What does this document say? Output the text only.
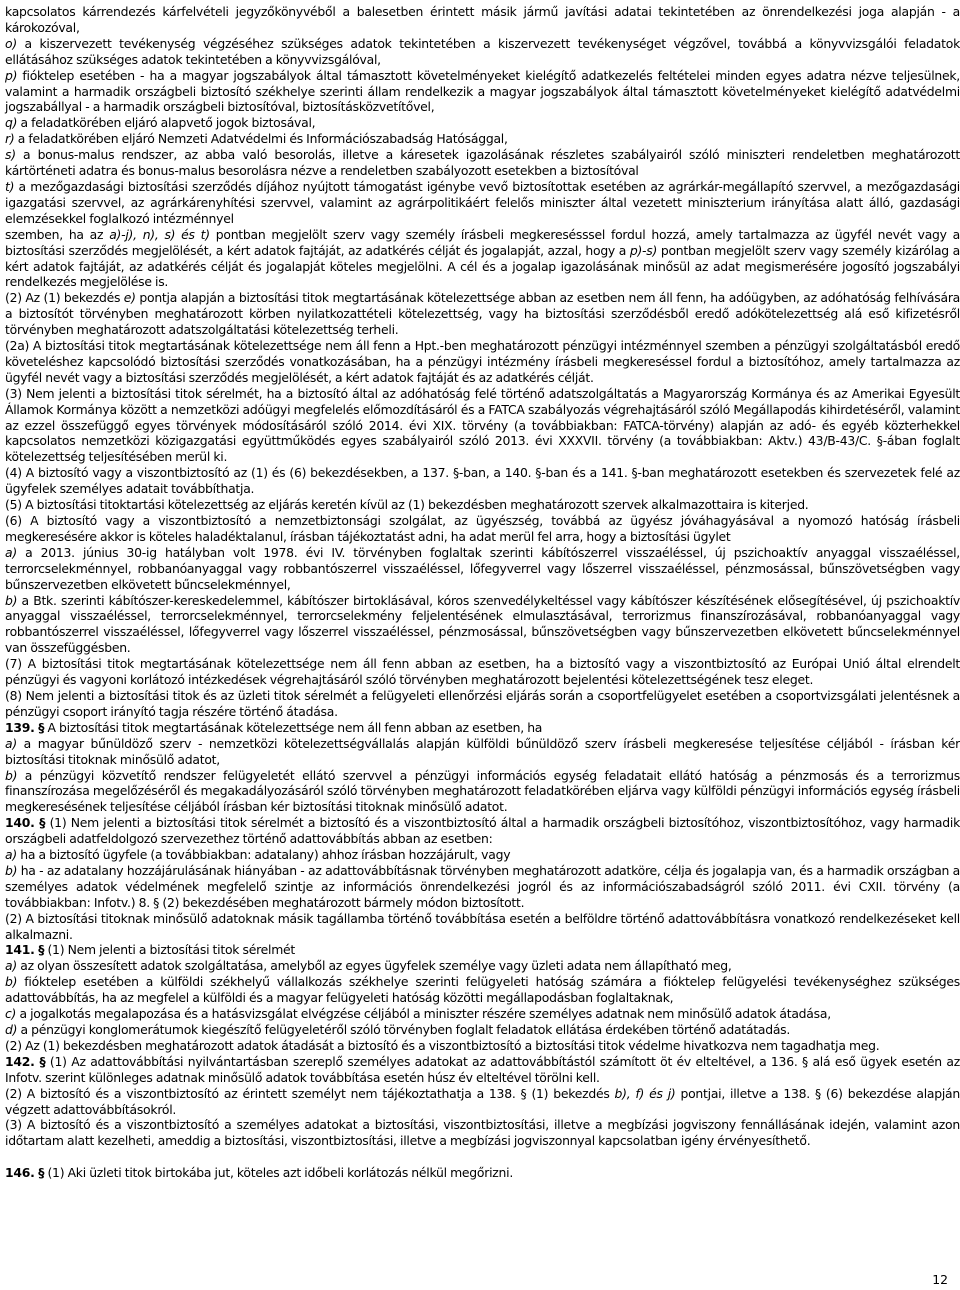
kapcsolatos kárrendezés kárfelvételi jegyzőkönyvéből a balesetben érintett másik jármű javítási adatai tekintetében az önrendelkezési joga alapján - a károkozóval,
o) a kiszervezett tevékenység végzéséhez szükséges adatok tekintetében a kiszervezett tevékenységet végzővel, továbbá a könyvvizsgálói feladatok ellátásához szükséges adatok tekintetében a könyvvizsgálóval,
p) fióktelep esetében - ha a magyar jogszabályok által támasztott követelményeket kielégítő adatkezelés feltételei minden egyes adatra nézve teljesülnek, valamint a harmadik országbeli biztosító székhelye szerinti állam rendelkezik a magyar jogszabályok által támasztott követelményeket kielégítő adatvédelmi jogszabállyal - a harmadik országbeli biztosítóval, biztosításközvetítővel,
q) a feladatkörében eljáró alapvető jogok biztosával,
r) a feladatkörében eljáró Nemzeti Adatvédelmi és Információszabadság Hatósággal,
s) a bonus-malus rendszer, az abba való besorolás, illetve a káresetek igazolásának részletes szabályairól szóló miniszteri rendeletben meghatározott kártörténeti adatra és bonus-malus besorolásra nézve a rendeletben szabályozott esetekben a biztosítóval
t) a mezőgazdasági biztosítási szerződés díjához nyújtott támogatást igénybe vevő biztosítottak esetében az agrárkár-megállapító szervvel, a mezőgazdasági igazgatási szervvel, az agrárkárenyhítési szervvel, valamint az agrárpolitikáért felelős miniszter által vezetett miniszterium irányítása alatt álló, gazdasági elemzésekkel foglalkozó intézménnyel
szemben, ha az a)-j), n), s) és t) pontban megjelölt szerv vagy személy írásbeli megkeresésssel fordul hozzá, amely tartalmazza az ügyfél nevét vagy a biztosítási szerződés megjelölését, a kért adatok fajtáját, az adatkérés célját és jogalapját, azzal, hogy a p)-s) pontban megjelölt szerv vagy személy kizárólag a kért adatok fajtáját, az adatkérés célját és jogalapját köteles megjelölni. A cél és a jogalap igazolásának minősül az adat megismerésére jogosító jogszabályi rendelkezés megjelölése is.
(2) Az (1) bekezdés e) pontja alapján a biztosítási titok megtartásának kötelezettsége abban az esetben nem áll fenn, ha adóügyben, az adóhatóság felhívására a biztosítót törvényben meghatározott körben nyilatkozattételi kötelezettség, vagy ha biztosítási szerződésből eredő adókötelezettség alá eső kifizetésről törvényben meghatározott adatszolgáltatási kötelezettség terheli.
(2a) A biztosítási titok megtartásának kötelezettsége nem áll fenn a Hpt.-ben meghatározott pénzügyi intézménnyel szemben a pénzügyi szolgáltatásból eredő követeléshez kapcsolódó biztosítási szerződés vonatkozásában, ha a pénzügyi intézmény írásbeli megkereséssel fordul a biztosítóhoz, amely tartalmazza az ügyfél nevét vagy a biztosítási szerződés megjelölését, a kért adatok fajtáját és az adatkérés célját.
(3) Nem jelenti a biztosítási titok sérelmét, ha a biztosító által az adóhatóság felé történő adatszolgáltatás a Magyarország Kormánya és az Amerikai Egyesült Államok Kormánya között a nemzetközi adóügyi megfelelés előmozdításáról és a FATCA szabályozás végrehajtásáról szóló Megállapodás kihirdetéséről, valamint az ezzel összefüggő egyes törvények módosításáról szóló 2014. évi XIX. törvény (a továbbiakban: FATCA-törvény) alapján az adó- és egyéb közterhekkel kapcsolatos nemzetközi közigazgatási együttműködés egyes szabályairól szóló 2013. évi XXXVII. törvény (a továbbiakban: Aktv.) 43/B-43/C. §-ában foglalt kötelezettség teljesítésében merül ki.
(4) A biztosító vagy a viszontbiztosító az (1) és (6) bekezdésekben, a 137. §-ban, a 140. §-ban és a 141. §-ban meghatározott esetekben és szervezetek felé az ügyfelek személyes adatait továbbíthatja.
(5) A biztosítási titoktartási kötelezettség az eljárás keretén kívül az (1) bekezdésben meghatározott szervek alkalmazottaira is kiterjed.
(6) A biztosító vagy a viszontbiztosító a nemzetbiztonsági szolgálat, az ügyészség, továbbá az ügyész jóváhagyásával a nyomozó hatóság írásbeli megkeresésére akkor is köteles haladéktalanul, írásban tájékoztatást adni, ha adat merül fel arra, hogy a biztosítási ügylet
a) a 2013. június 30-ig hatályban volt 1978. évi IV. törvényben foglaltak szerinti kábítószerrel visszaéléssel, új pszichoaktív anyaggal visszaéléssel, terrorcselekménnyel, robbanóanyaggal vagy robbantószerrel visszaéléssel, lőfegyverrel vagy lőszerrel visszaéléssel, pénzmosással, bűnszövetségben vagy bűnszervezetben elkövetett bűncselekménnyel,
b) a Btk. szerinti kábítószer-kereskedelemmel, kábítószer birtoklásával, kóros szenvedélykeltéssel vagy kábítószer készítésének elősegítésével, új pszichoaktív anyaggal visszaéléssel, terrorcselekménnyel, terrorcselekmény feljelentésének elmulasztásával, terrorizmus finanszírozásával, robbanóanyaggal vagy robbantószerrel visszaéléssel, lőfegyverrel vagy lőszerrel visszaéléssel, pénzmosással, bűnszövetségben vagy bűnszervezetben elkövetett bűncselekménnyel van összefüggésben.
(7) A biztosítási titok megtartásának kötelezettsége nem áll fenn abban az esetben, ha a biztosító vagy a viszontbiztosító az Európai Unió által elrendelt pénzügyi és vagyoni korlátozó intézkedések végrehajtásáról szóló törvényben meghatározott bejelentési kötelezettségének tesz eleget.
(8) Nem jelenti a biztosítási titok és az üzleti titok sérelmét a felügyeleti ellenőrzési eljárás során a csoportfelügyelet esetében a csoportvizsgálati jelentésnek a pénzügyi csoport irányító tagja részére történő átadása.
139. § A biztosítási titok megtartásának kötelezettsége nem áll fenn abban az esetben, ha
a) a magyar bűnüldöző szerv - nemzetközi kötelezettségvállalás alapján külföldi bűnüldöző szerv írásbeli megkeresése teljesítése céljából - írásban kér biztosítási titoknak minősülő adatot,
b) a pénzügyi közvetítő rendszer felügyeletét ellátó szervvel a pénzügyi információs egység feladatait ellátó hatóság a pénzmosás és a terrorizmus finanszírozása megelőzéséről és megakadályozásáról szóló törvényben meghatározott feladatkörében eljárva vagy külföldi pénzügyi információs egység írásbeli megkeresésének teljesítése céljából írásban kér biztosítási titoknak minősülő adatot.
140. § (1) Nem jelenti a biztosítási titok sérelmét a biztosító és a viszontbiztosító által a harmadik országbeli biztosítóhoz, viszontbiztosítóhoz, vagy harmadik országbeli adatfeldolgozó szervezethez történő adattovábbítás abban az esetben:
a) ha a biztosító ügyfele (a továbbiakban: adatalany) ahhoz írásban hozzájárult, vagy
b) ha - az adatalany hozzájárulásának hiányában - az adattovábbításnak törvényben meghatározott adatköre, célja és jogalapja van, és a harmadik országban a személyes adatok védelmének megfelelő szintje az információs önrendelkezési jogról és az információszabadságról szóló 2011. évi CXII. törvény (a továbbiakban: Infotv.) 8. § (2) bekezdésében meghatározott bármely módon biztosított.
(2) A biztosítási titoknak minősülő adatoknak másik tagállamba történő továbbítása esetén a belföldre történő adattovábbításra vonatkozó rendelkezéseket kell alkalmazni.
141. § (1) Nem jelenti a biztosítási titok sérelmét
a) az olyan összesített adatok szolgáltatása, amelyből az egyes ügyfelek személye vagy üzleti adata nem állapítható meg,
b) fióktelep esetében a külföldi székhelyű vállalkozás székhelye szerinti felügyeleti hatóság számára a fióktelep felügyelési tevékenységhez szükséges adattovábbítás, ha az megfelel a külföldi és a magyar felügyeleti hatóság közötti megállapodásban foglaltaknak,
c) a jogalkotás megalapozása és a hatásvizsgálat elvégzése céljából a miniszter részére személyes adatnak nem minősülő adatok átadása,
d) a pénzügyi konglomerátumok kiegészítő felügyeletéről szóló törvényben foglalt feladatok ellátása érdekében történő adatátadás.
(2) Az (1) bekezdésben meghatározott adatok átadását a biztosító és a viszontbiztosító a biztosítási titok védelme hivatkozva nem tagadhatja meg.
142. § (1) Az adattovábbítási nyilvántartásban szereplő személyes adatokat az adattovábbítástól számított öt év elteltével, a 136. § alá eső ügyek esetén az Infotv. szerint különleges adatnak minősülő adatok továbbítása esetén húsz év elteltével törölni kell.
(2) A biztosító és a viszontbiztosító az érintett személyt nem tájékoztathatja a 138. § (1) bekezdés b), f) és j) pontjai, illetve a 138. § (6) bekezdése alapján végzett adattovábbításokról.
(3) A biztosító és a viszontbiztosító a személyes adatokat a biztosítási, viszontbiztosítási, illetve a megbízási jogviszony fennállásának idején, valamint azon időtartam alatt kezelheti, ameddig a biztosítási, viszontbiztosítási, illetve a megbízási jogviszonnyal kapcsolatban igény érvényesíthető.
146. § (1) Aki üzleti titok birtokába jut, köteles azt időbeli korlátozás nélkül megőrizni.
12
